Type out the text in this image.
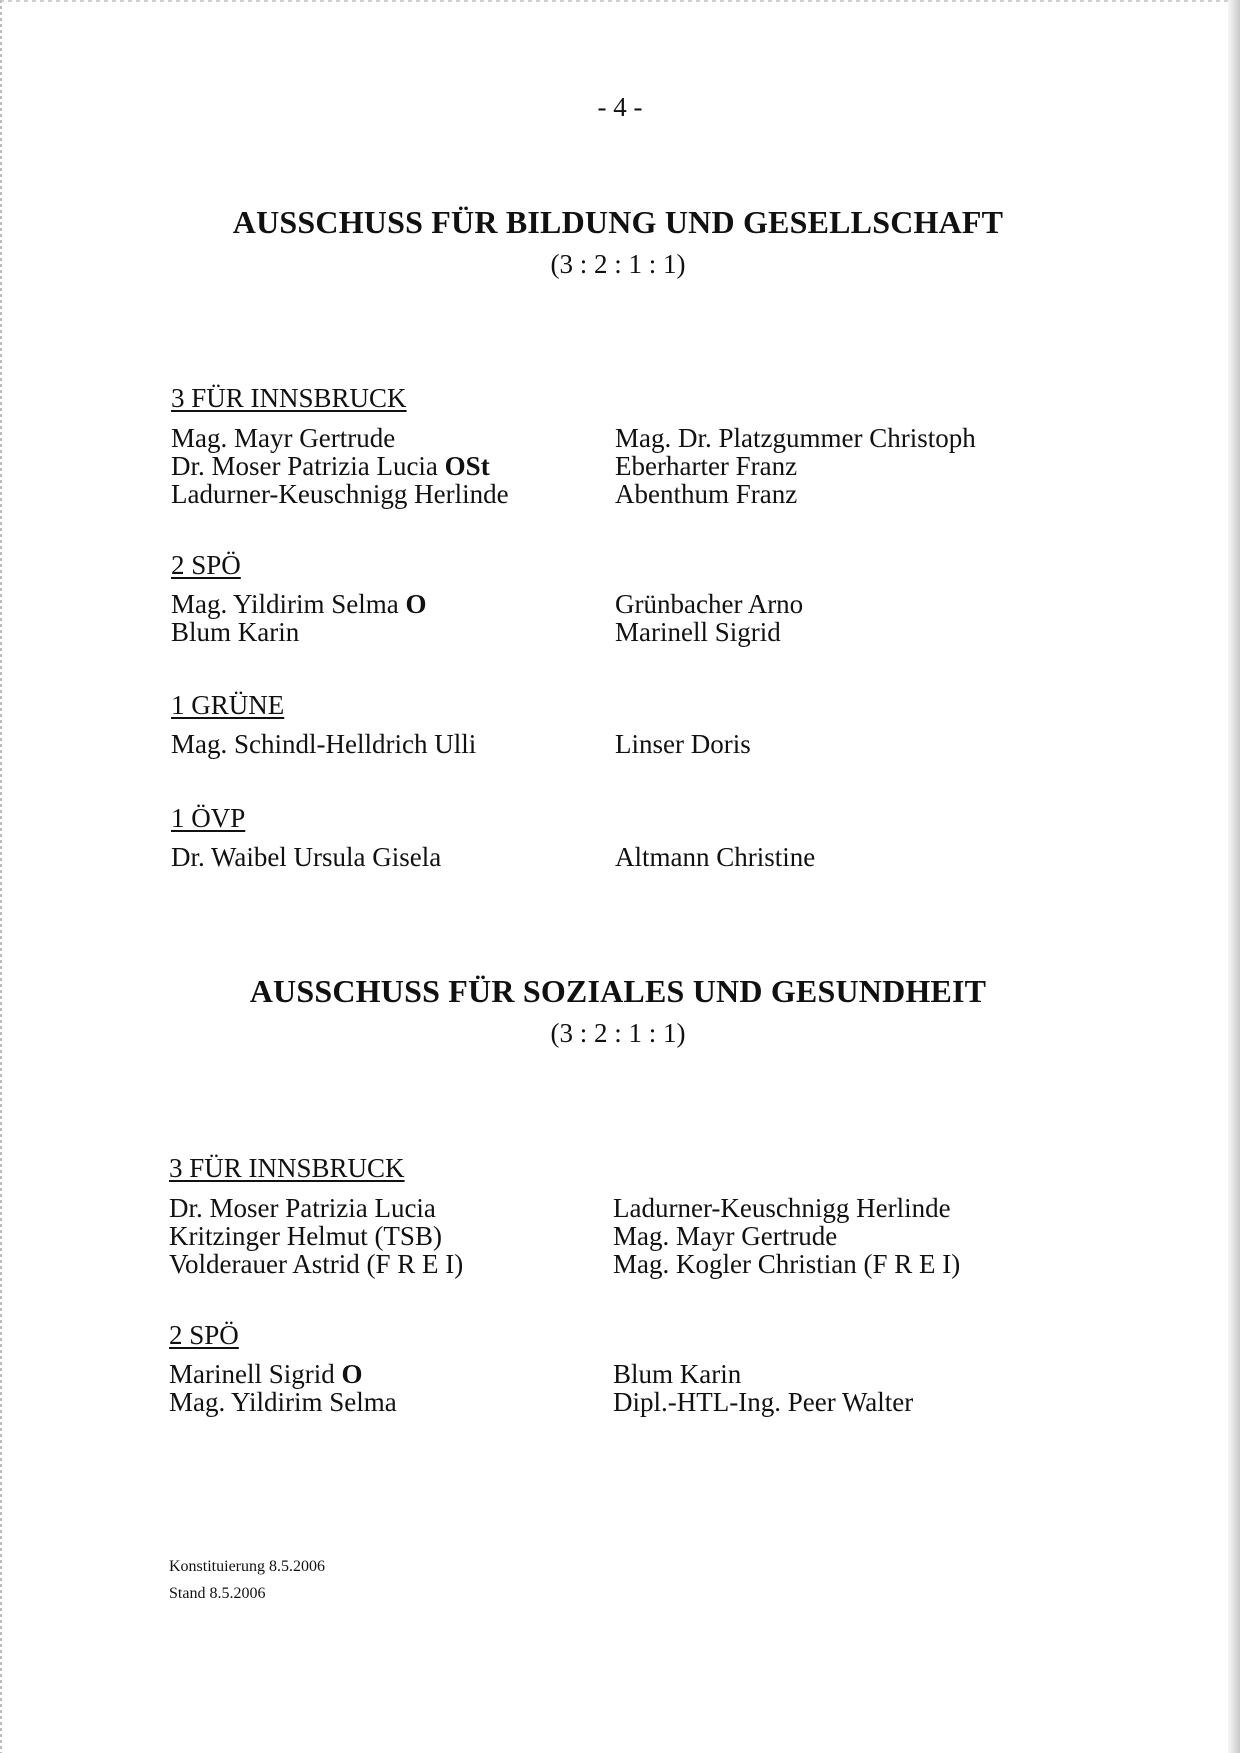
- 4 -
AUSSCHUSS FÜR BILDUNG UND GESELLSCHAFT
(3 : 2 : 1 : 1)
3 FÜR INNSBRUCK
Mag. Mayr Gertrude
Dr. Moser Patrizia Lucia OSt
Ladurner-Keuschnigg Herlinde
Mag. Dr. Platzgummer Christoph
Eberharter Franz
Abenthum Franz
2 SPÖ
Mag. Yildirim Selma O
Blum Karin
Grünbacher Arno
Marinell Sigrid
1 GRÜNE
Mag. Schindl-Helldrich Ulli	Linser Doris
1 ÖVP
Dr. Waibel Ursula Gisela	Altmann Christine
AUSSCHUSS FÜR SOZIALES UND GESUNDHEIT
(3 : 2 : 1 : 1)
3 FÜR INNSBRUCK
Dr. Moser Patrizia Lucia
Kritzinger Helmut (TSB)
Volderauer Astrid (F R E I)
Ladurner-Keuschnigg Herlinde
Mag. Mayr Gertrude
Mag. Kogler Christian (F R E I)
2 SPÖ
Marinell Sigrid O
Mag. Yildirim Selma
Blum Karin
Dipl.-HTL-Ing. Peer Walter
Konstituierung 8.5.2006
Stand 8.5.2006
